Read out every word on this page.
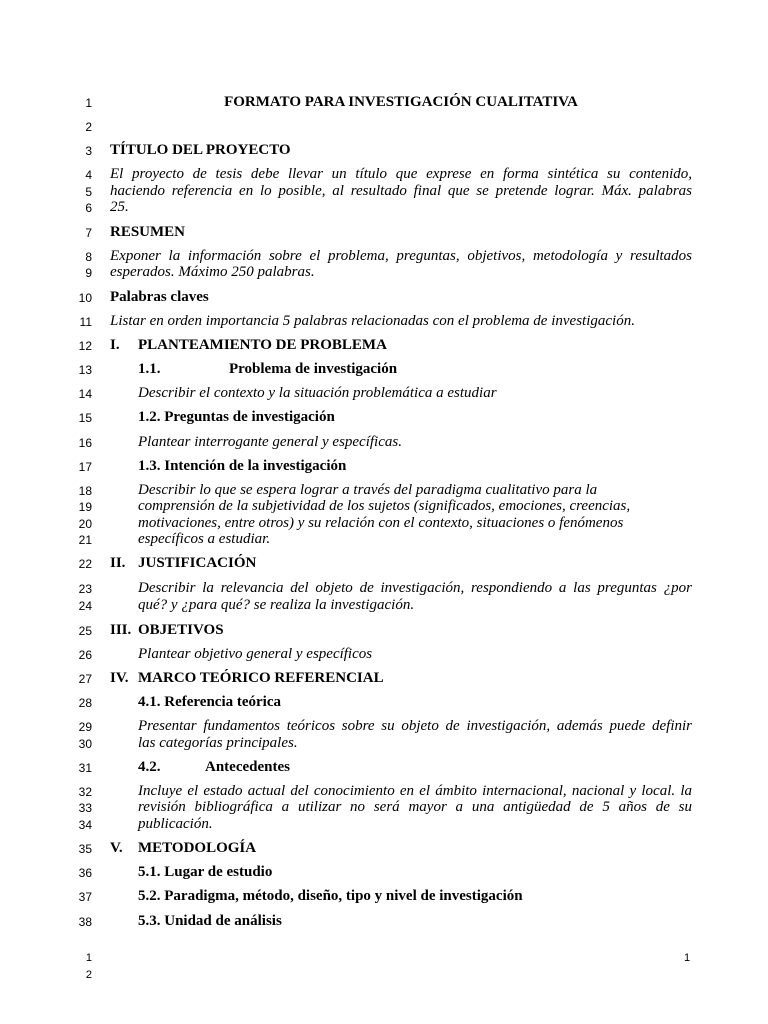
1
2
3
4
5
6
7
8
9
10
11
12
13
14
15
16
17
18
19
20
21
22
23
24
25
26
27
28
29
30
31
32
33
34
35
36
37
38
FORMATO PARA INVESTIGACIÓN CUALITATIVA
TÍTULO DEL PROYECTO
El proyecto de tesis debe llevar un título que exprese en forma sintética su contenido,
haciendo referencia en lo posible, al resultado final que se pretende lograr. Máx. palabras
25.
RESUMEN
Exponer la información sobre el problema, preguntas, objetivos, metodología y resultados
esperados. Máximo 250 palabras.
Palabras claves
Listar en orden importancia 5 palabras relacionadas con el problema de investigación.
I. PLANTEAMIENTO DE PROBLEMA
1.1.	Problema de investigación
Describir el contexto y la situación problemática a estudiar
1.2. Preguntas de investigación
Plantear interrogante general y específicas.
1.3. Intención de la investigación
Describir lo que se espera lograr a través del paradigma cualitativo para la
comprensión de la subjetividad de los sujetos (significados, emociones, creencias,
motivaciones, entre otros) y su relación con el contexto, situaciones o fenómenos
específicos a estudiar.
II. JUSTIFICACIÓN
Describir la relevancia del objeto de investigación, respondiendo a las preguntas ¿por
qué? y ¿para qué? se realiza la investigación.
III. OBJETIVOS
Plantear objetivo general y específicos
IV. MARCO TEÓRICO REFERENCIAL
4.1. Referencia teórica
Presentar fundamentos teóricos sobre su objeto de investigación, además puede definir
las categorías principales.
4.2.	Antecedentes
Incluye el estado actual del conocimiento en el ámbito internacional, nacional y local. la
revisión bibliográfica a utilizar no será mayor a una antigüedad de 5 años de su
publicación.
V. METODOLOGÍA
5.1. Lugar de estudio
5.2. Paradigma, método, diseño, tipo y nivel de investigación
5.3. Unidad de análisis
1
2
1
